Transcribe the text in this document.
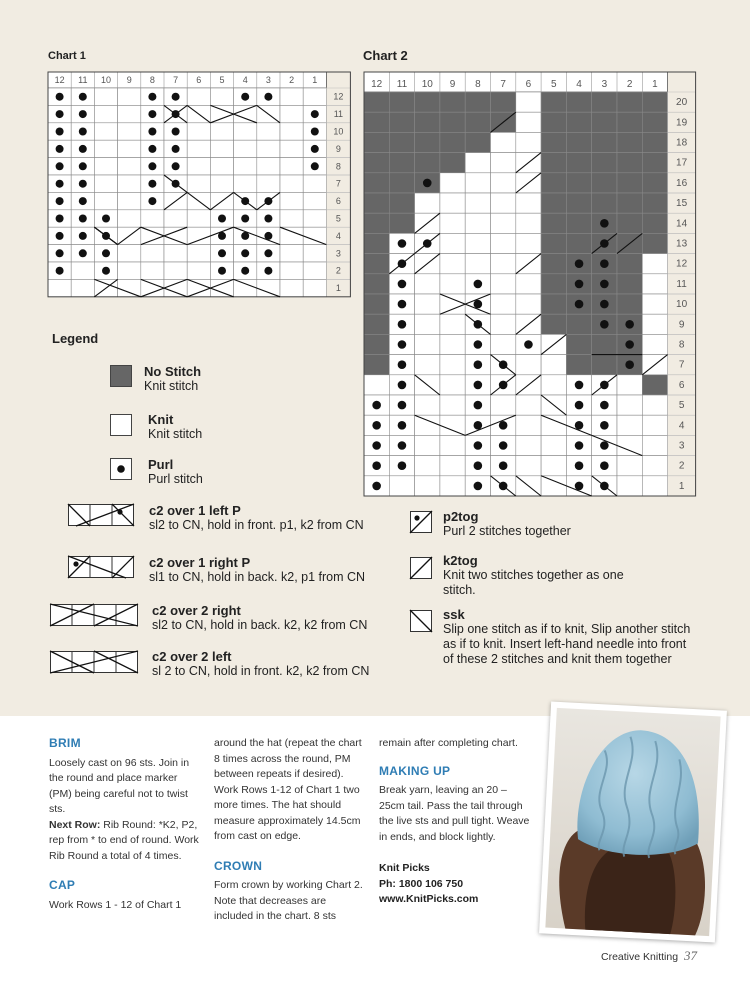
Chart 1	Chart 2
12 11 10 9 8 7 6 5 4 3 2 1
12
11
10
9
8
7
6
5
4
3
2
1
12 11 10 9 8 7 6 5 4 3 2 1
20
19
18
17
16
15
14
13
12
11
10
9
8
7
6
5
4
3
2
1
Legend
No Stitch
Knit stitch
Knit
Knit stitch
Purl
Purl stitch
c2 over 1 left P
sl2 to CN, hold in front. p1, k2 from CN
c2 over 1 right P
sl1 to CN, hold in back. k2, p1 from CN
c2 over 2 right
sl2 to CN, hold in back. k2, k2 from CN
c2 over 2 left
sl 2 to CN, hold in front. k2, k2 from CN
p2tog
Purl 2 stitches together
k2tog
Knit two stitches together as one stitch.
ssk
Slip one stitch as if to knit, Slip another stitch as if to knit. Insert left-hand needle into front of these 2 stitches and knit them together
BRIM

Loosely cast on 96 sts. Join in the round and place marker (PM) being careful not to twist sts.

Next Row: Rib Round: *K2, P2, rep from * to end of round. Work Rib Round a total of 4 times.

CAP

Work Rows 1 - 12 of Chart 1

around the hat (repeat the chart 8 times across the round, PM between repeats if desired). Work Rows 1-12 of Chart 1 two more times. The hat should measure approximately 14.5cm from cast on edge.

CROWN

Form crown by working Chart 2. Note that decreases are included in the chart. 8 sts

remain after completing chart.

MAKING UP

Break yarn, leaving an 20 – 25cm tail. Pass the tail through the live sts and pull tight. Weave in ends, and block lightly.

Knit Picks

Ph: 1800 106 750

www.KnitPicks.com

Creative Knitting 37
